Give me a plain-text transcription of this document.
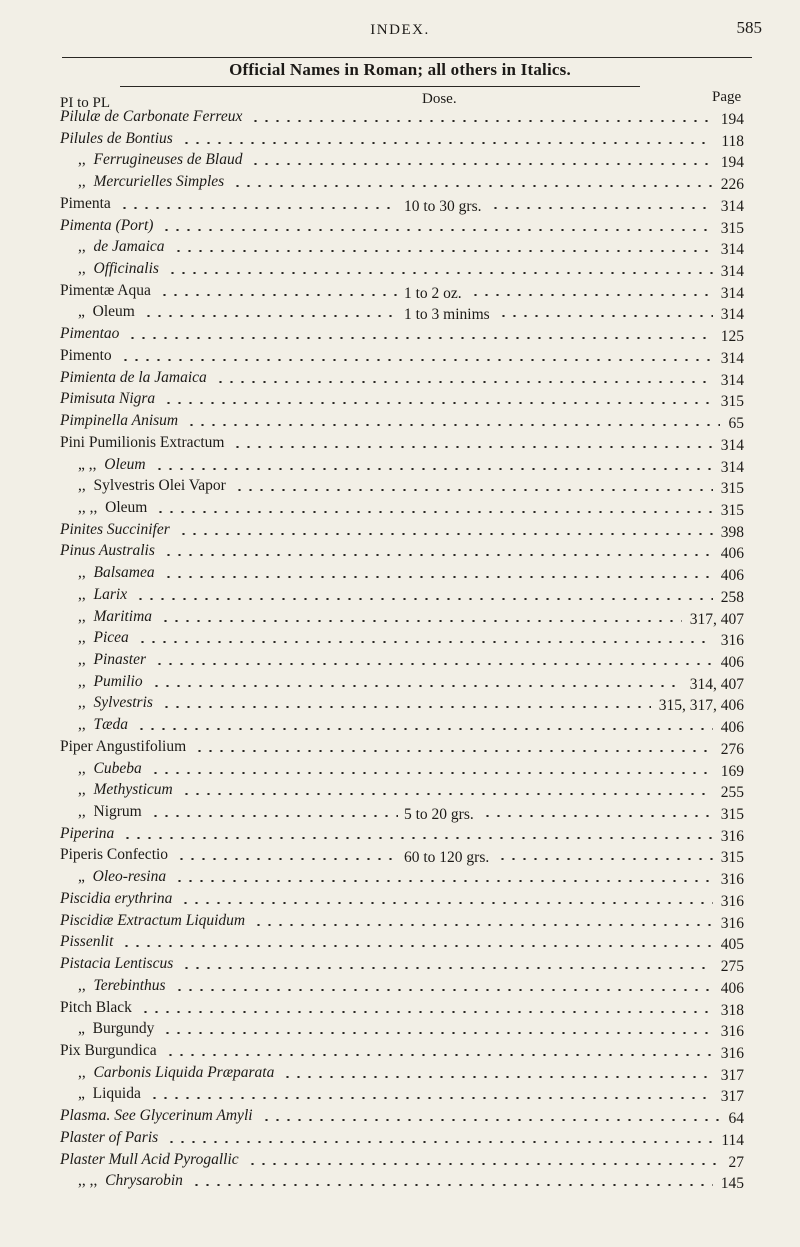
INDEX.	585
Official Names in Roman; all others in Italics.
PI to PL	Dose.	Page
Pilulæ de Carbonate Ferreux	194
Pilules de Bontius	118
,,  Ferrugineuses de Blaud	194
,,  Mercurielles Simples	226
Pimenta	10 to 30 grs.	314
Pimenta (Port)	315
,,  de Jamaica	314
,,  Officinalis	314
Pimentæ Aqua	1 to 2 oz.	314
„  Oleum	1 to 3 minims	314
Pimentao	125
Pimento	314
Pimienta de la Jamaica	314
Pimisuta Nigra	315
Pimpinella Anisum	65
Pini Pumilionis Extractum	314
„ ,,  Oleum	314
,,  Sylvestris Olei Vapor	315
,, ,,  Oleum	315
Pinites Succinifer	398
Pinus Australis	406
,,  Balsamea	406
,,  Larix	258
,,  Maritima	317, 407
,,  Picea	316
,,  Pinaster	406
,,  Pumilio	314, 407
,,  Sylvestris	315, 317, 406
,,  Tæda	406
Piper Angustifolium	276
,,  Cubeba	169
,,  Methysticum	255
,,  Nigrum	5 to 20 grs.	315
Piperina	316
Piperis Confectio	60 to 120 grs.	315
„  Oleo-resina	316
Piscidia erythrina	316
Piscidiæ Extractum Liquidum	316
Pissenlit	405
Pistacia Lentiscus	275
,,  Terebinthus	406
Pitch Black	318
„  Burgundy	316
Pix Burgundica	316
,,  Carbonis Liquida Præparata	317
„  Liquida	317
Plasma. See Glycerinum Amyli	64
Plaster of Paris	114
Plaster Mull Acid Pyrogallic	27
,, ,,  Chrysarobin	145
